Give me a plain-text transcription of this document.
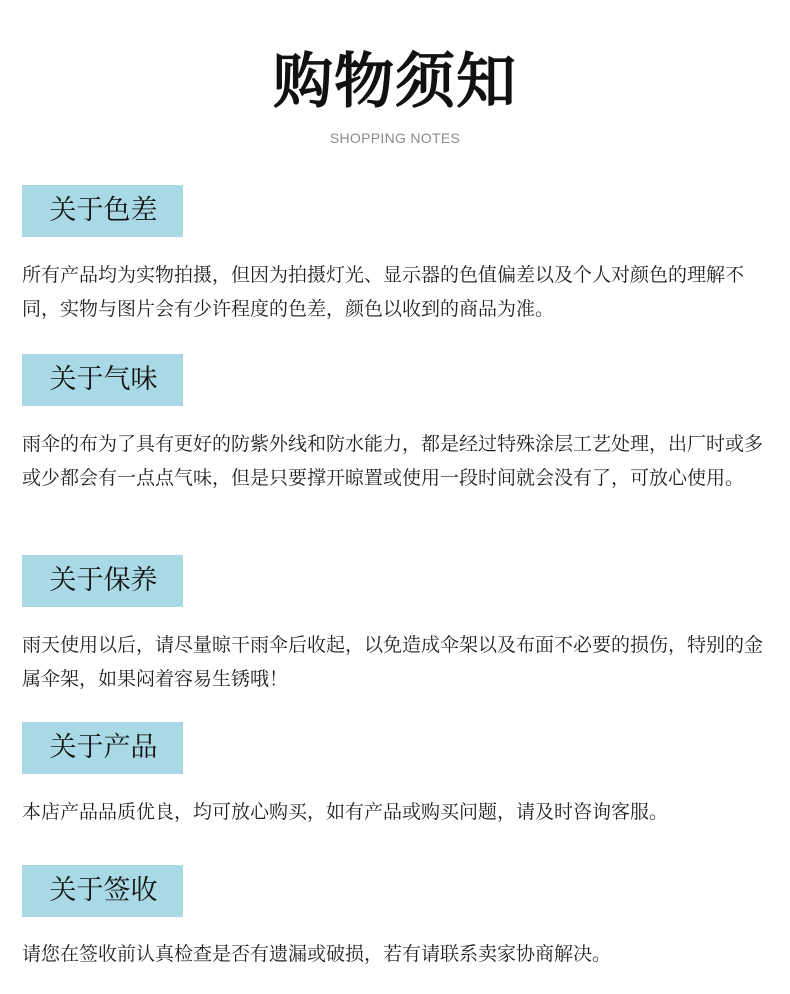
购物须知
SHOPPING NOTES
关于色差

所有产品均为实物拍摄，但因为拍摄灯光、显示器的色值偏差以及个人对颜色的理解不同，实物与图片会有少许程度的色差，颜色以收到的商品为准。

关于气味

雨伞的布为了具有更好的防紫外线和防水能力，都是经过特殊涂层工艺处理，出厂时或多或少都会有一点点气味，但是只要撑开晾置或使用一段时间就会没有了，可放心使用。

关于保养

雨天使用以后，请尽量晾干雨伞后收起，以免造成伞架以及布面不必要的损伤，特别的金属伞架，如果闷着容易生锈哦！

关于产品

本店产品品质优良，均可放心购买，如有产品或购买问题，请及时咨询客服。

关于签收

请您在签收前认真检查是否有遗漏或破损，若有请联系卖家协商解决。
